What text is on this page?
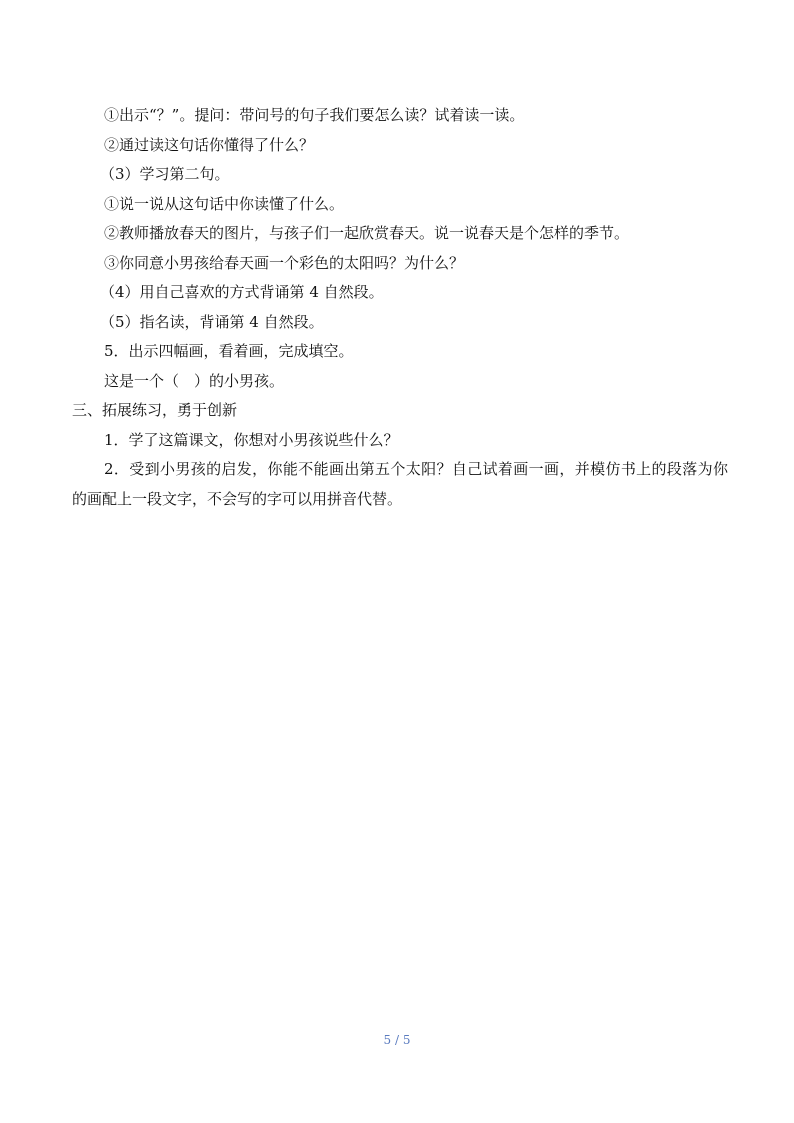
①出示“？”。提问：带问号的句子我们要怎么读？试着读一读。

②通过读这句话你懂得了什么？

（3）学习第二句。

①说一说从这句话中你读懂了什么。

②教师播放春天的图片，与孩子们一起欣赏春天。说一说春天是个怎样的季节。

③你同意小男孩给春天画一个彩色的太阳吗？为什么？

（4）用自己喜欢的方式背诵第 4 自然段。

（5）指名读，背诵第 4 自然段。

5．出示四幅画，看着画，完成填空。

这是一个（　）的小男孩。

三、拓展练习，勇于创新

1．学了这篇课文，你想对小男孩说些什么？

2．受到小男孩的启发，你能不能画出第五个太阳？自己试着画一画，并模仿书上的段落为你的画配上一段文字，不会写的字可以用拼音代替。

5 / 5
